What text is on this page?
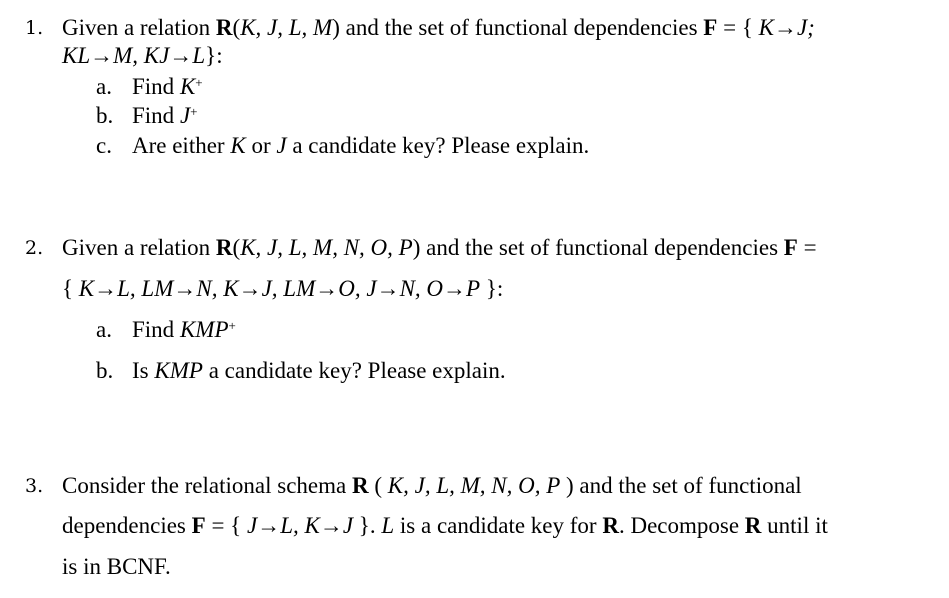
1. Given a relation R(K, J, L, M) and the set of functional dependencies F = { K→J;
KL→M, KJ→L}:
a. Find K+
b. Find J+
c. Are either K or J a candidate key? Please explain.
2. Given a relation R(K, J, L, M, N, O, P) and the set of functional dependencies F =
{ K→L, LM→N, K→J, LM→O, J→N, O→P }:
a. Find KMP+
b. Is KMP a candidate key? Please explain.
3. Consider the relational schema R ( K, J, L, M, N, O, P ) and the set of functional
dependencies F = { J→L, K→J }. L is a candidate key for R. Decompose R until it
is in BCNF.
